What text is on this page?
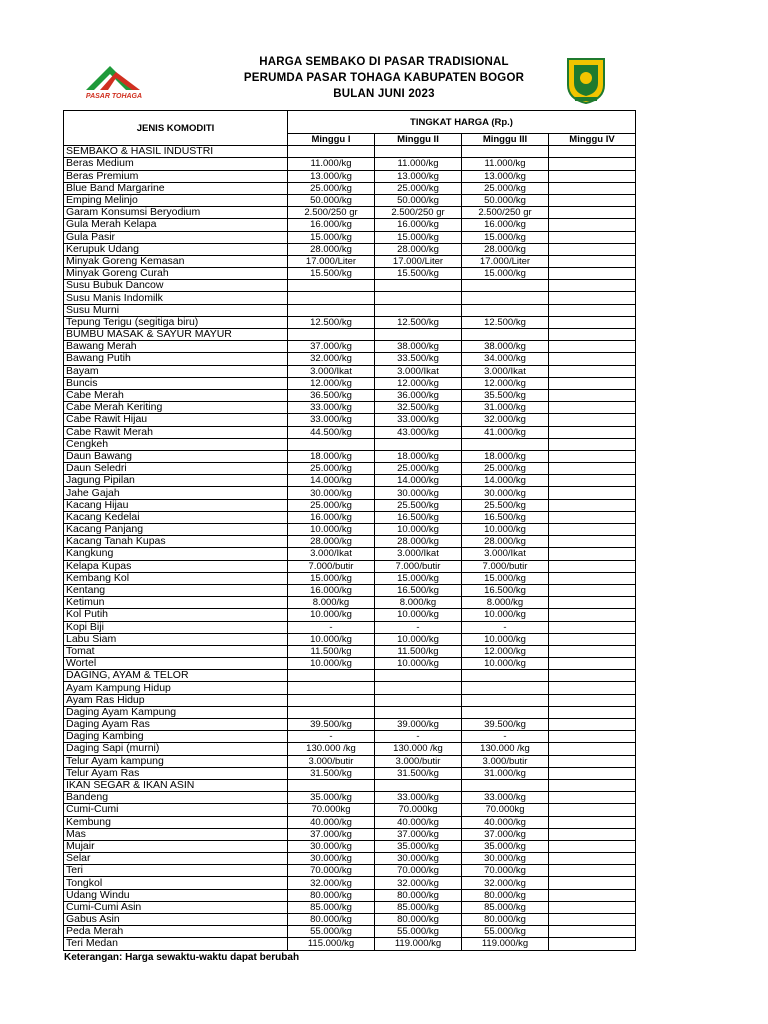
PASAR TOHAGA
HARGA SEMBAKO DI PASAR TRADISIONAL
PERUMDA PASAR TOHAGA KABUPATEN BOGOR
BULAN JUNI 2023
JENIS KOMODITI	TINGKAT HARGA (Rp.)			
	Minggu I	Minggu II	Minggu III	Minggu IV
SEMBAKO & HASIL INDUSTRI				
Beras Medium	11.000/kg	11.000/kg	11.000/kg	
Beras Premium	13.000/kg	13.000/kg	13.000/kg	
Blue Band Margarine	25.000/kg	25.000/kg	25.000/kg	
Emping Melinjo	50.000/kg	50.000/kg	50.000/kg	
Garam Konsumsi Beryodium	2.500/250 gr	2.500/250 gr	2.500/250 gr	
Gula Merah Kelapa	16.000/kg	16.000/kg	16.000/kg	
Gula Pasir	15.000/kg	15.000/kg	15.000/kg	
Kerupuk Udang	28.000/kg	28.000/kg	28.000/kg	
Minyak Goreng Kemasan	17.000/Liter	17.000/Liter	17.000/Liter	
Minyak Goreng Curah	15.500/kg	15.500/kg	15.000/kg	
Susu Bubuk Dancow				
Susu Manis Indomilk				
Susu Murni				
Tepung Terigu (segitiga biru)	12.500/kg	12.500/kg	12.500/kg	
BUMBU MASAK & SAYUR MAYUR				
Bawang Merah	37.000/kg	38.000/kg	38.000/kg	
Bawang Putih	32.000/kg	33.500/kg	34.000/kg	
Bayam	3.000/Ikat	3.000/Ikat	3.000/Ikat	
Buncis	12.000/kg	12.000/kg	12.000/kg	
Cabe Merah	36.500/kg	36.000/kg	35.500/kg	
Cabe Merah Keriting	33.000/kg	32.500/kg	31.000/kg	
Cabe Rawit Hijau	33.000/kg	33.000/kg	32.000/kg	
Cabe Rawit Merah	44.500/kg	43.000/kg	41.000/kg	
Cengkeh				
Daun Bawang	18.000/kg	18.000/kg	18.000/kg	
Daun Seledri	25.000/kg	25.000/kg	25.000/kg	
Jagung Pipilan	14.000/kg	14.000/kg	14.000/kg	
Jahe Gajah	30.000/kg	30.000/kg	30.000/kg	
Kacang Hijau	25.000/kg	25.500/kg	25.500/kg	
Kacang Kedelai	16.000/kg	16.500/kg	16.500/kg	
Kacang Panjang	10.000/kg	10.000/kg	10.000/kg	
Kacang Tanah Kupas	28.000/kg	28.000/kg	28.000/kg	
Kangkung	3.000/Ikat	3.000/Ikat	3.000/Ikat	
Kelapa Kupas	7.000/butir	7.000/butir	7.000/butir	
Kembang Kol	15.000/kg	15.000/kg	15.000/kg	
Kentang	16.000/kg	16.500/kg	16.500/kg	
Ketimun	8.000/kg	8.000/kg	8.000/kg	
Kol Putih	10.000/kg	10.000/kg	10.000/kg	
Kopi Biji	-	-	-	
Labu Siam	10.000/kg	10.000/kg	10.000/kg	
Tomat	11.500/kg	11.500/kg	12.000/kg	
Wortel	10.000/kg	10.000/kg	10.000/kg	
DAGING, AYAM & TELOR				
Ayam Kampung Hidup				
Ayam Ras Hidup				
Daging Ayam Kampung				
Daging Ayam Ras	39.500/kg	39.000/kg	39.500/kg	
Daging Kambing	-	-	-	
Daging Sapi (murni)	130.000 /kg	130.000 /kg	130.000 /kg	
Telur Ayam kampung	3.000/butir	3.000/butir	3.000/butir	
Telur Ayam Ras	31.500/kg	31.500/kg	31.000/kg	
IKAN SEGAR & IKAN ASIN				
Bandeng	35.000/kg	33.000/kg	33.000/kg	
Cumi-Cumi	70.000kg	70.000kg	70.000kg	
Kembung	40.000/kg	40.000/kg	40.000/kg	
Mas	37.000/kg	37.000/kg	37.000/kg	
Mujair	30.000/kg	35.000/kg	35.000/kg	
Selar	30.000/kg	30.000/kg	30.000/kg	
Teri	70.000/kg	70.000/kg	70.000/kg	
Tongkol	32.000/kg	32.000/kg	32.000/kg	
Udang Windu	80.000/kg	80.000/kg	80.000/kg	
Cumi-Cumi Asin	85.000/kg	85.000/kg	85.000/kg	
Gabus Asin	80.000/kg	80.000/kg	80.000/kg	
Peda Merah	55.000/kg	55.000/kg	55.000/kg	
Teri Medan	115.000/kg	119.000/kg	119.000/kg	
Keterangan: Harga sewaktu-waktu dapat berubah
